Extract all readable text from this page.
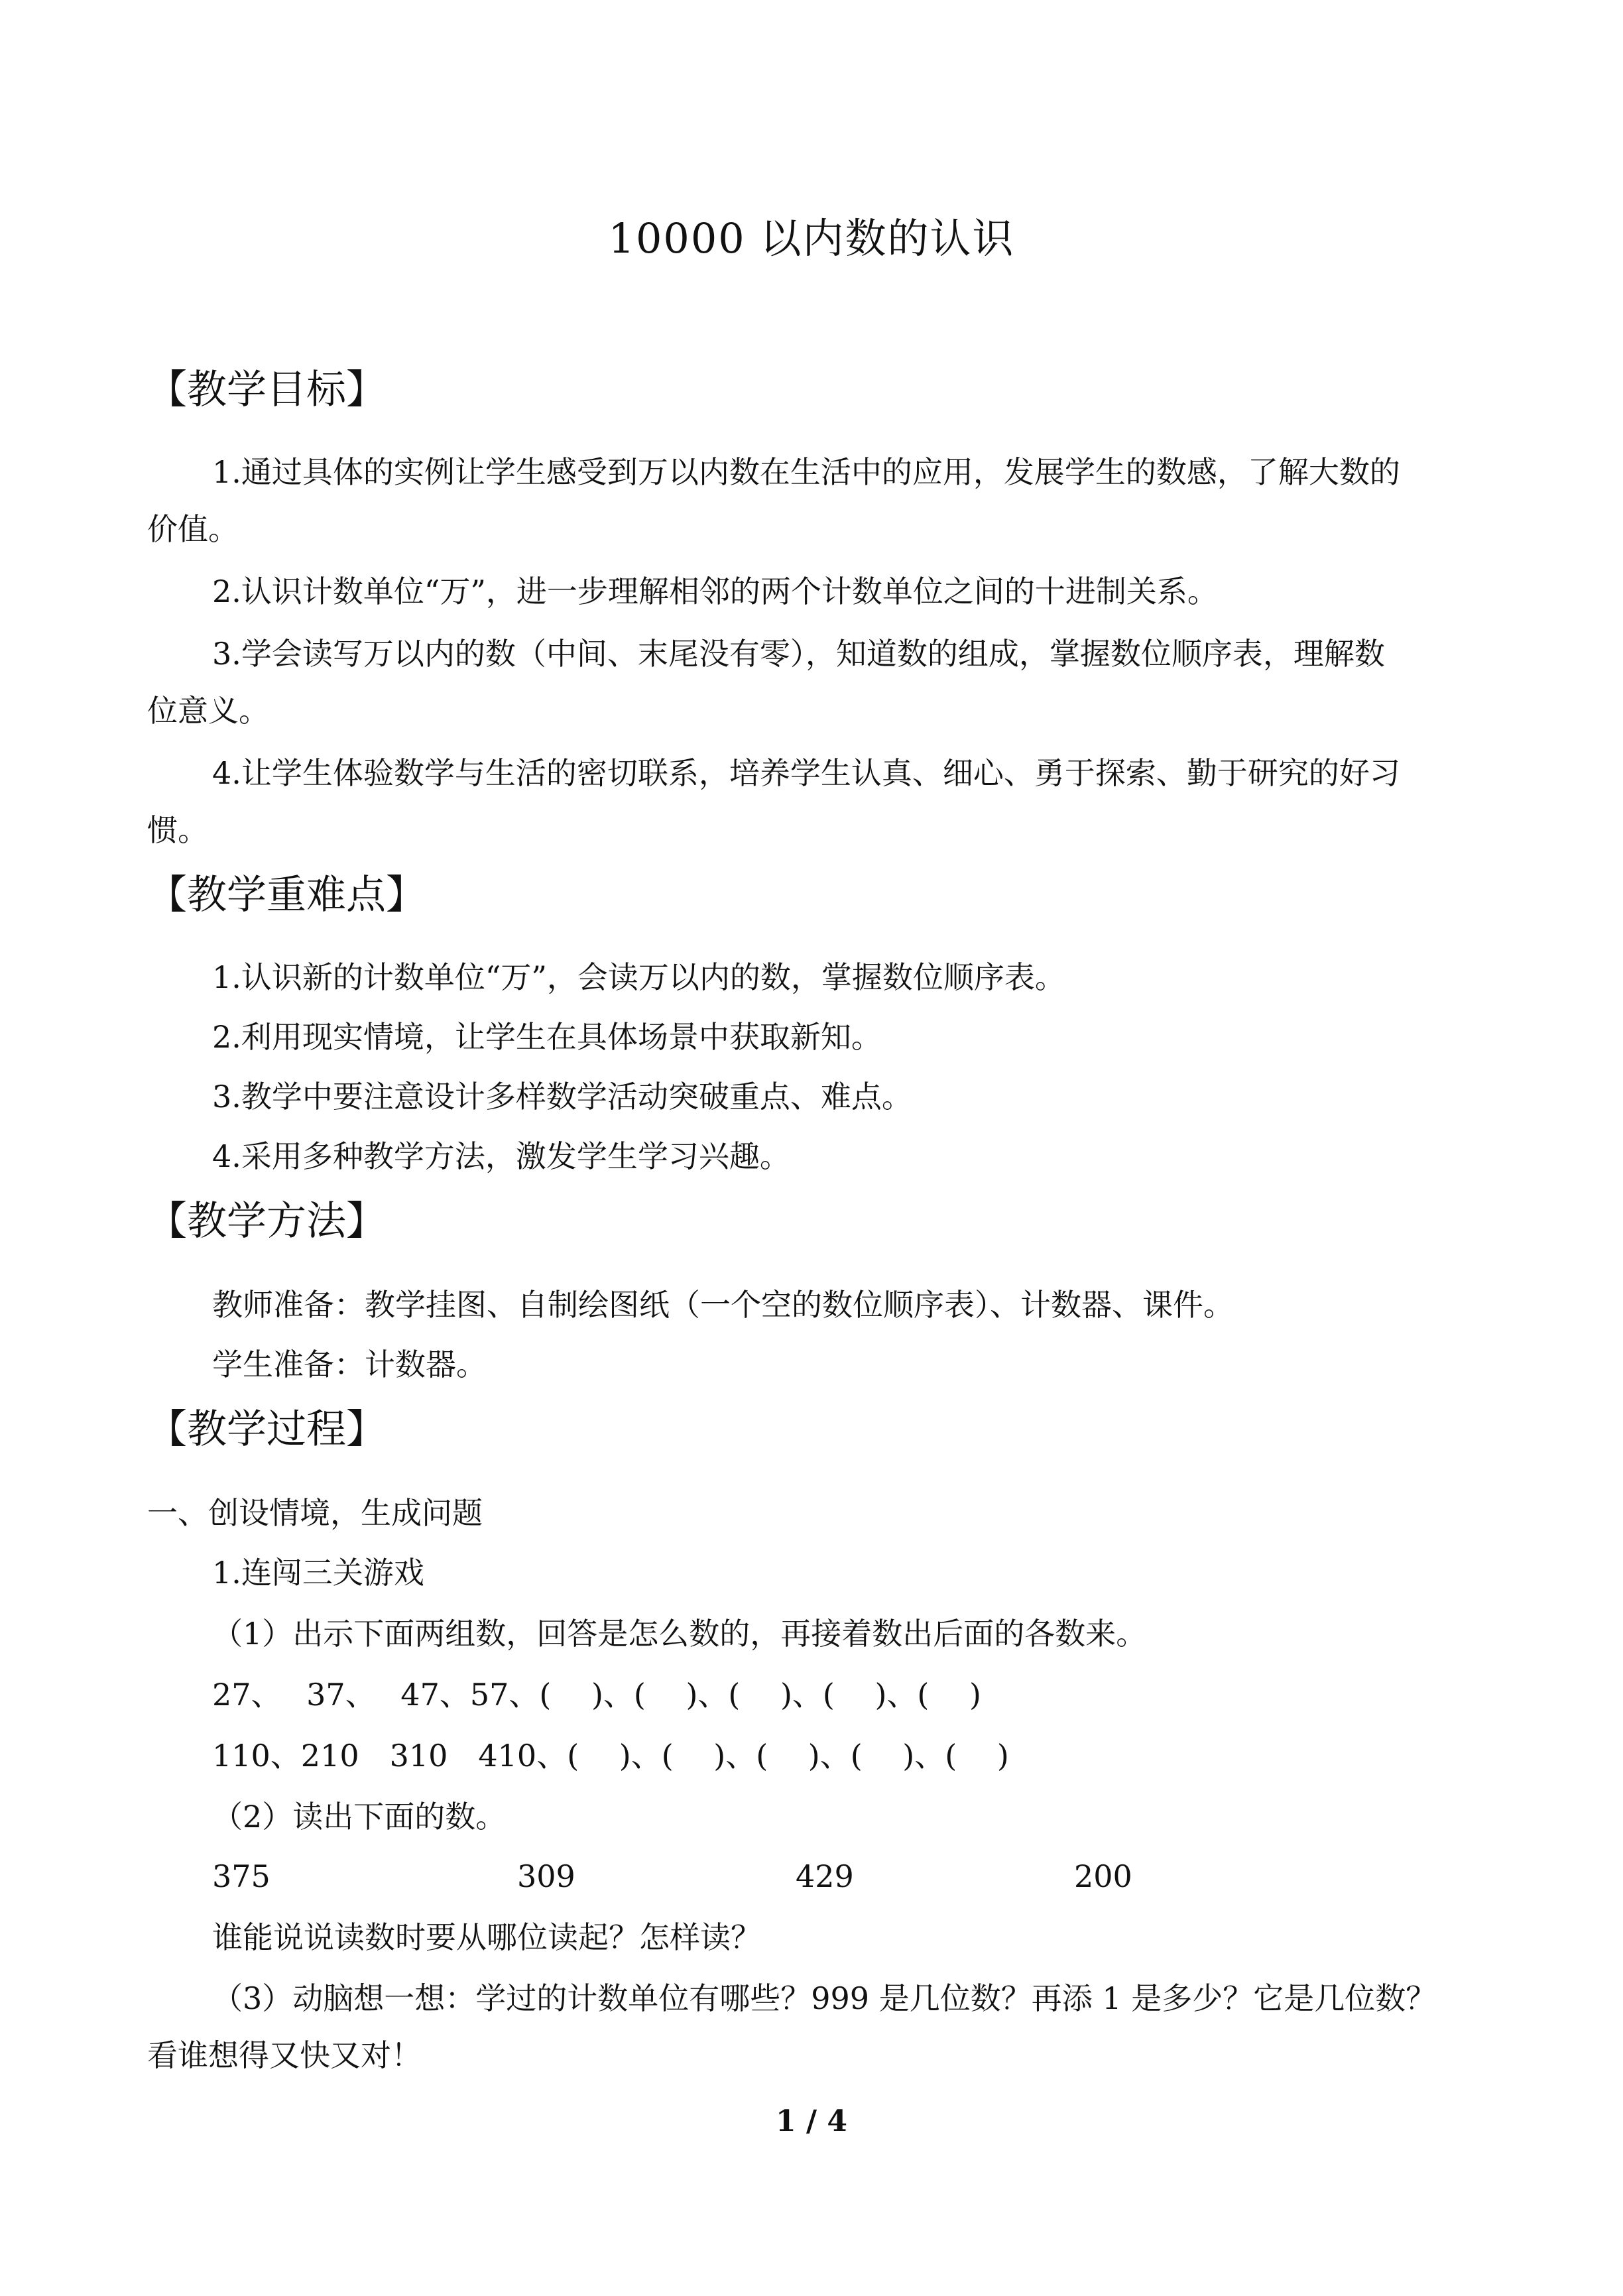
10000 以内数的认识
【教学目标】
1.通过具体的实例让学生感受到万以内数在生活中的应用，发展学生的数感，了解大数的
价值。
2.认识计数单位“万”，进一步理解相邻的两个计数单位之间的十进制关系。
3.学会读写万以内的数（中间、末尾没有零），知道数的组成，掌握数位顺序表，理解数
位意义。
4.让学生体验数学与生活的密切联系，培养学生认真、细心、勇于探索、勤于研究的好习
惯。
【教学重难点】
1.认识新的计数单位“万”，会读万以内的数，掌握数位顺序表。
2.利用现实情境，让学生在具体场景中获取新知。
3.教学中要注意设计多样数学活动突破重点、难点。
4.采用多种教学方法，激发学生学习兴趣。
【教学方法】
教师准备：教学挂图、自制绘图纸（一个空的数位顺序表）、计数器、课件。
学生准备：计数器。
【教学过程】
一、创设情境，生成问题
1.连闯三关游戏
（1）出示下面两组数，回答是怎么数的，再接着数出后面的各数来。
27、　 37、　 47、57、(　 )、(　 )、(　 )、(　 )、(　 )
110、210　310　410、(　 )、(　 )、(　 )、(　 )、(　 )
（2）读出下面的数。
375	309	429	200
谁能说说读数时要从哪位读起？怎样读？
（3）动脑想一想：学过的计数单位有哪些？999 是几位数？再添 1 是多少？它是几位数？
看谁想得又快又对！
1 / 4
